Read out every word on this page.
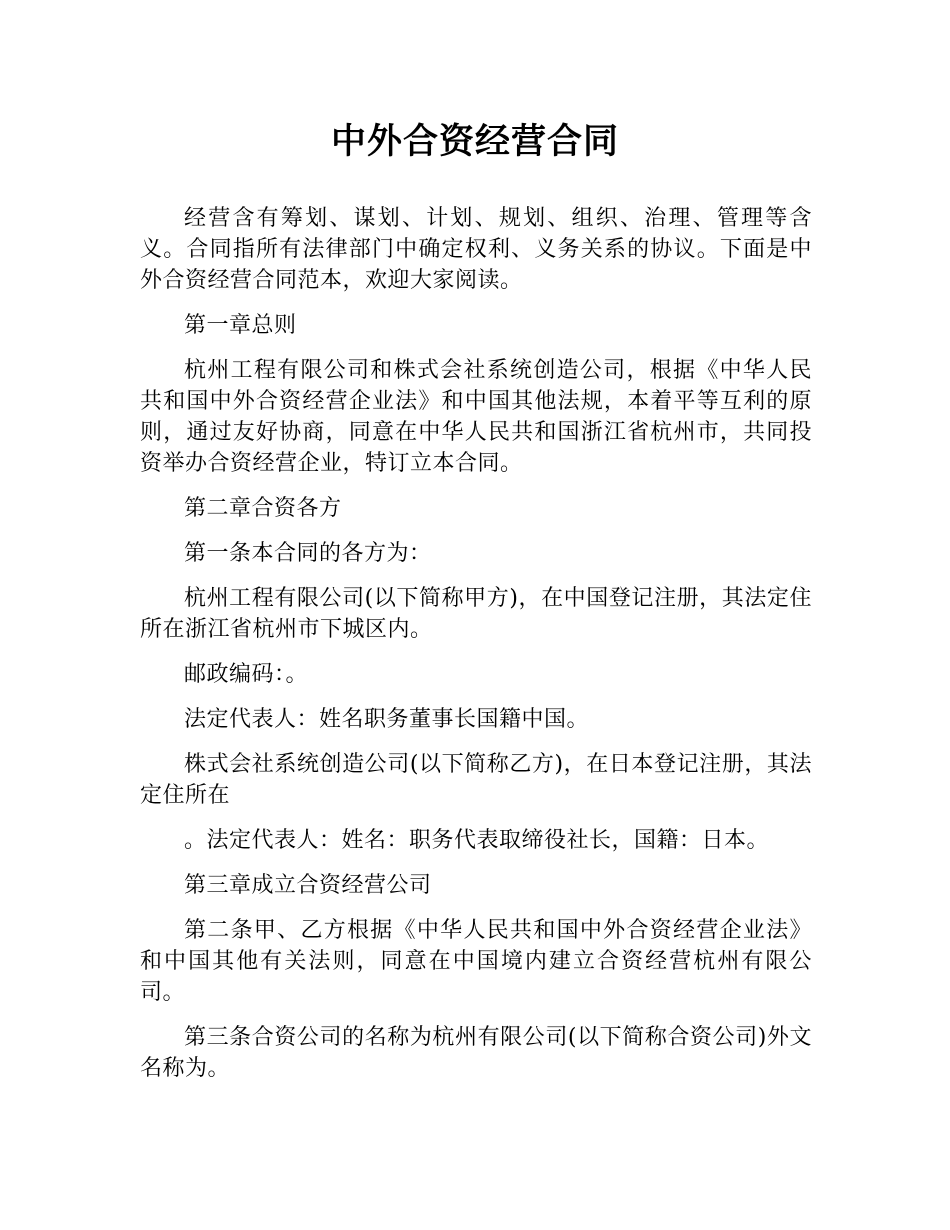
中外合资经营合同

经营含有筹划、谋划、计划、规划、组织、治理、管理等含义。合同指所有法律部门中确定权利、义务关系的协议。下面是中外合资经营合同范本，欢迎大家阅读。

第一章总则

杭州工程有限公司和株式会社系统创造公司，根据《中华人民共和国中外合资经营企业法》和中国其他法规，本着平等互利的原则，通过友好协商，同意在中华人民共和国浙江省杭州市，共同投资举办合资经营企业，特订立本合同。

第二章合资各方

第一条本合同的各方为：

杭州工程有限公司(以下简称甲方)，在中国登记注册，其法定住所在浙江省杭州市下城区内。

邮政编码：。

法定代表人：姓名职务董事长国籍中国。

株式会社系统创造公司(以下简称乙方)，在日本登记注册，其法定住所在

。法定代表人：姓名：职务代表取缔役社长，国籍：日本。

第三章成立合资经营公司

第二条甲、乙方根据《中华人民共和国中外合资经营企业法》和中国其他有关法则，同意在中国境内建立合资经营杭州有限公司。

第三条合资公司的名称为杭州有限公司(以下简称合资公司)外文名称为。
